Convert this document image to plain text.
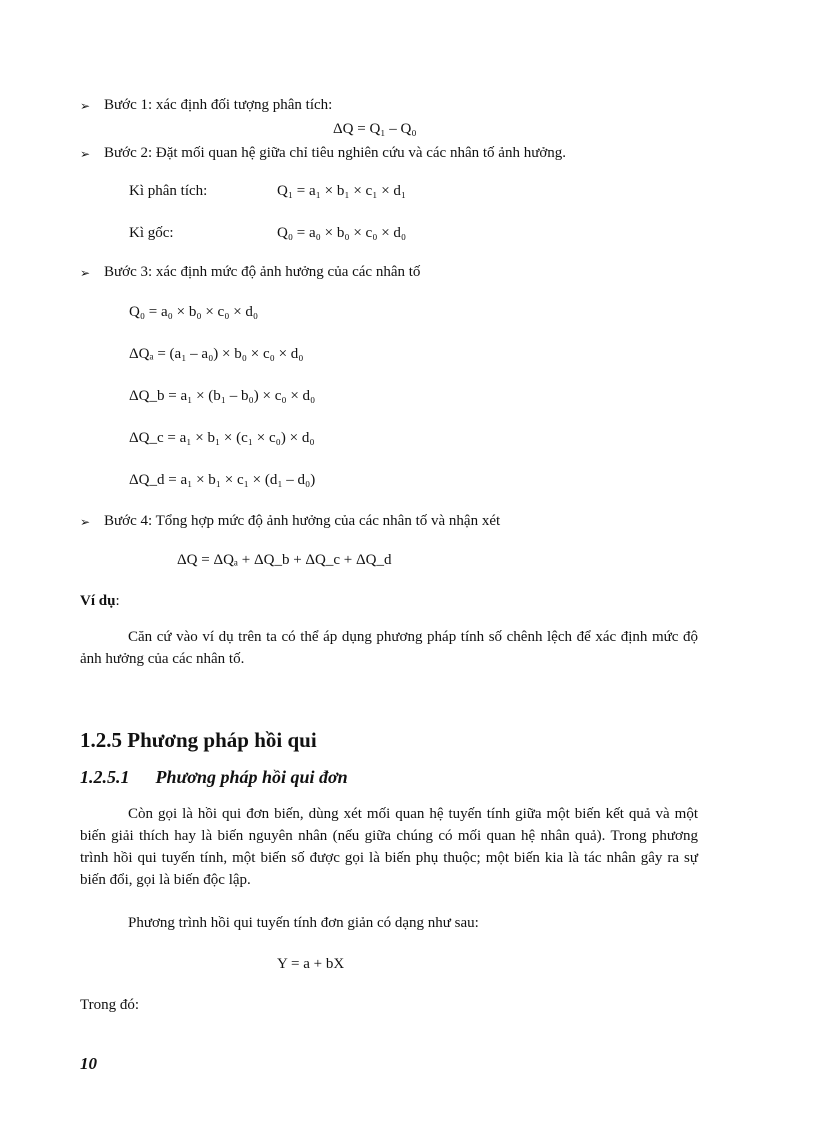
➢ Bước 1: xác định đối tượng phân tích:
ΔQ = Q₁ – Q₀
➢ Bước 2: Đặt mối quan hệ giữa chỉ tiêu nghiên cứu và các nhân tố ảnh hưởng.
Kì phân tích:	Q₁ = a₁ × b₁ × c₁ × d₁
Kì gốc:	Q₀ = a₀ × b₀ × c₀ × d₀
➢ Bước 3: xác định mức độ ảnh hưởng của các nhân tố
Q₀ = a₀ × b₀ × c₀ × d₀
ΔQₐ = (a₁ – a₀) × b₀ × c₀ × d₀
ΔQ_b = a₁ × (b₁ – b₀) × c₀ × d₀
ΔQ_c = a₁ × b₁ × (c₁ × c₀) × d₀
ΔQ_d = a₁ × b₁ × c₁ × (d₁ – d₀)
➢ Bước 4: Tổng hợp mức độ ảnh hưởng của các nhân tố và nhận xét
ΔQ = ΔQₐ + ΔQ_b + ΔQ_c + ΔQ_d
Ví dụ:
Căn cứ vào ví dụ trên ta có thể áp dụng phương pháp tính số chênh lệch để xác định mức độ ảnh hưởng của các nhân tố.
1.2.5 Phương pháp hồi qui
1.2.5.1 Phương pháp hồi qui đơn
Còn gọi là hồi qui đơn biến, dùng xét mối quan hệ tuyến tính giữa một biến kết quả và một biến giải thích hay là biến nguyên nhân (nếu giữa chúng có mối quan hệ nhân quả). Trong phương trình hồi qui tuyến tính, một biến số được gọi là biến phụ thuộc; một biến kia là tác nhân gây ra sự biến đổi, gọi là biến độc lập.
Phương trình hồi qui tuyến tính đơn giản có dạng như sau:
Y = a + bX
Trong đó:
10
